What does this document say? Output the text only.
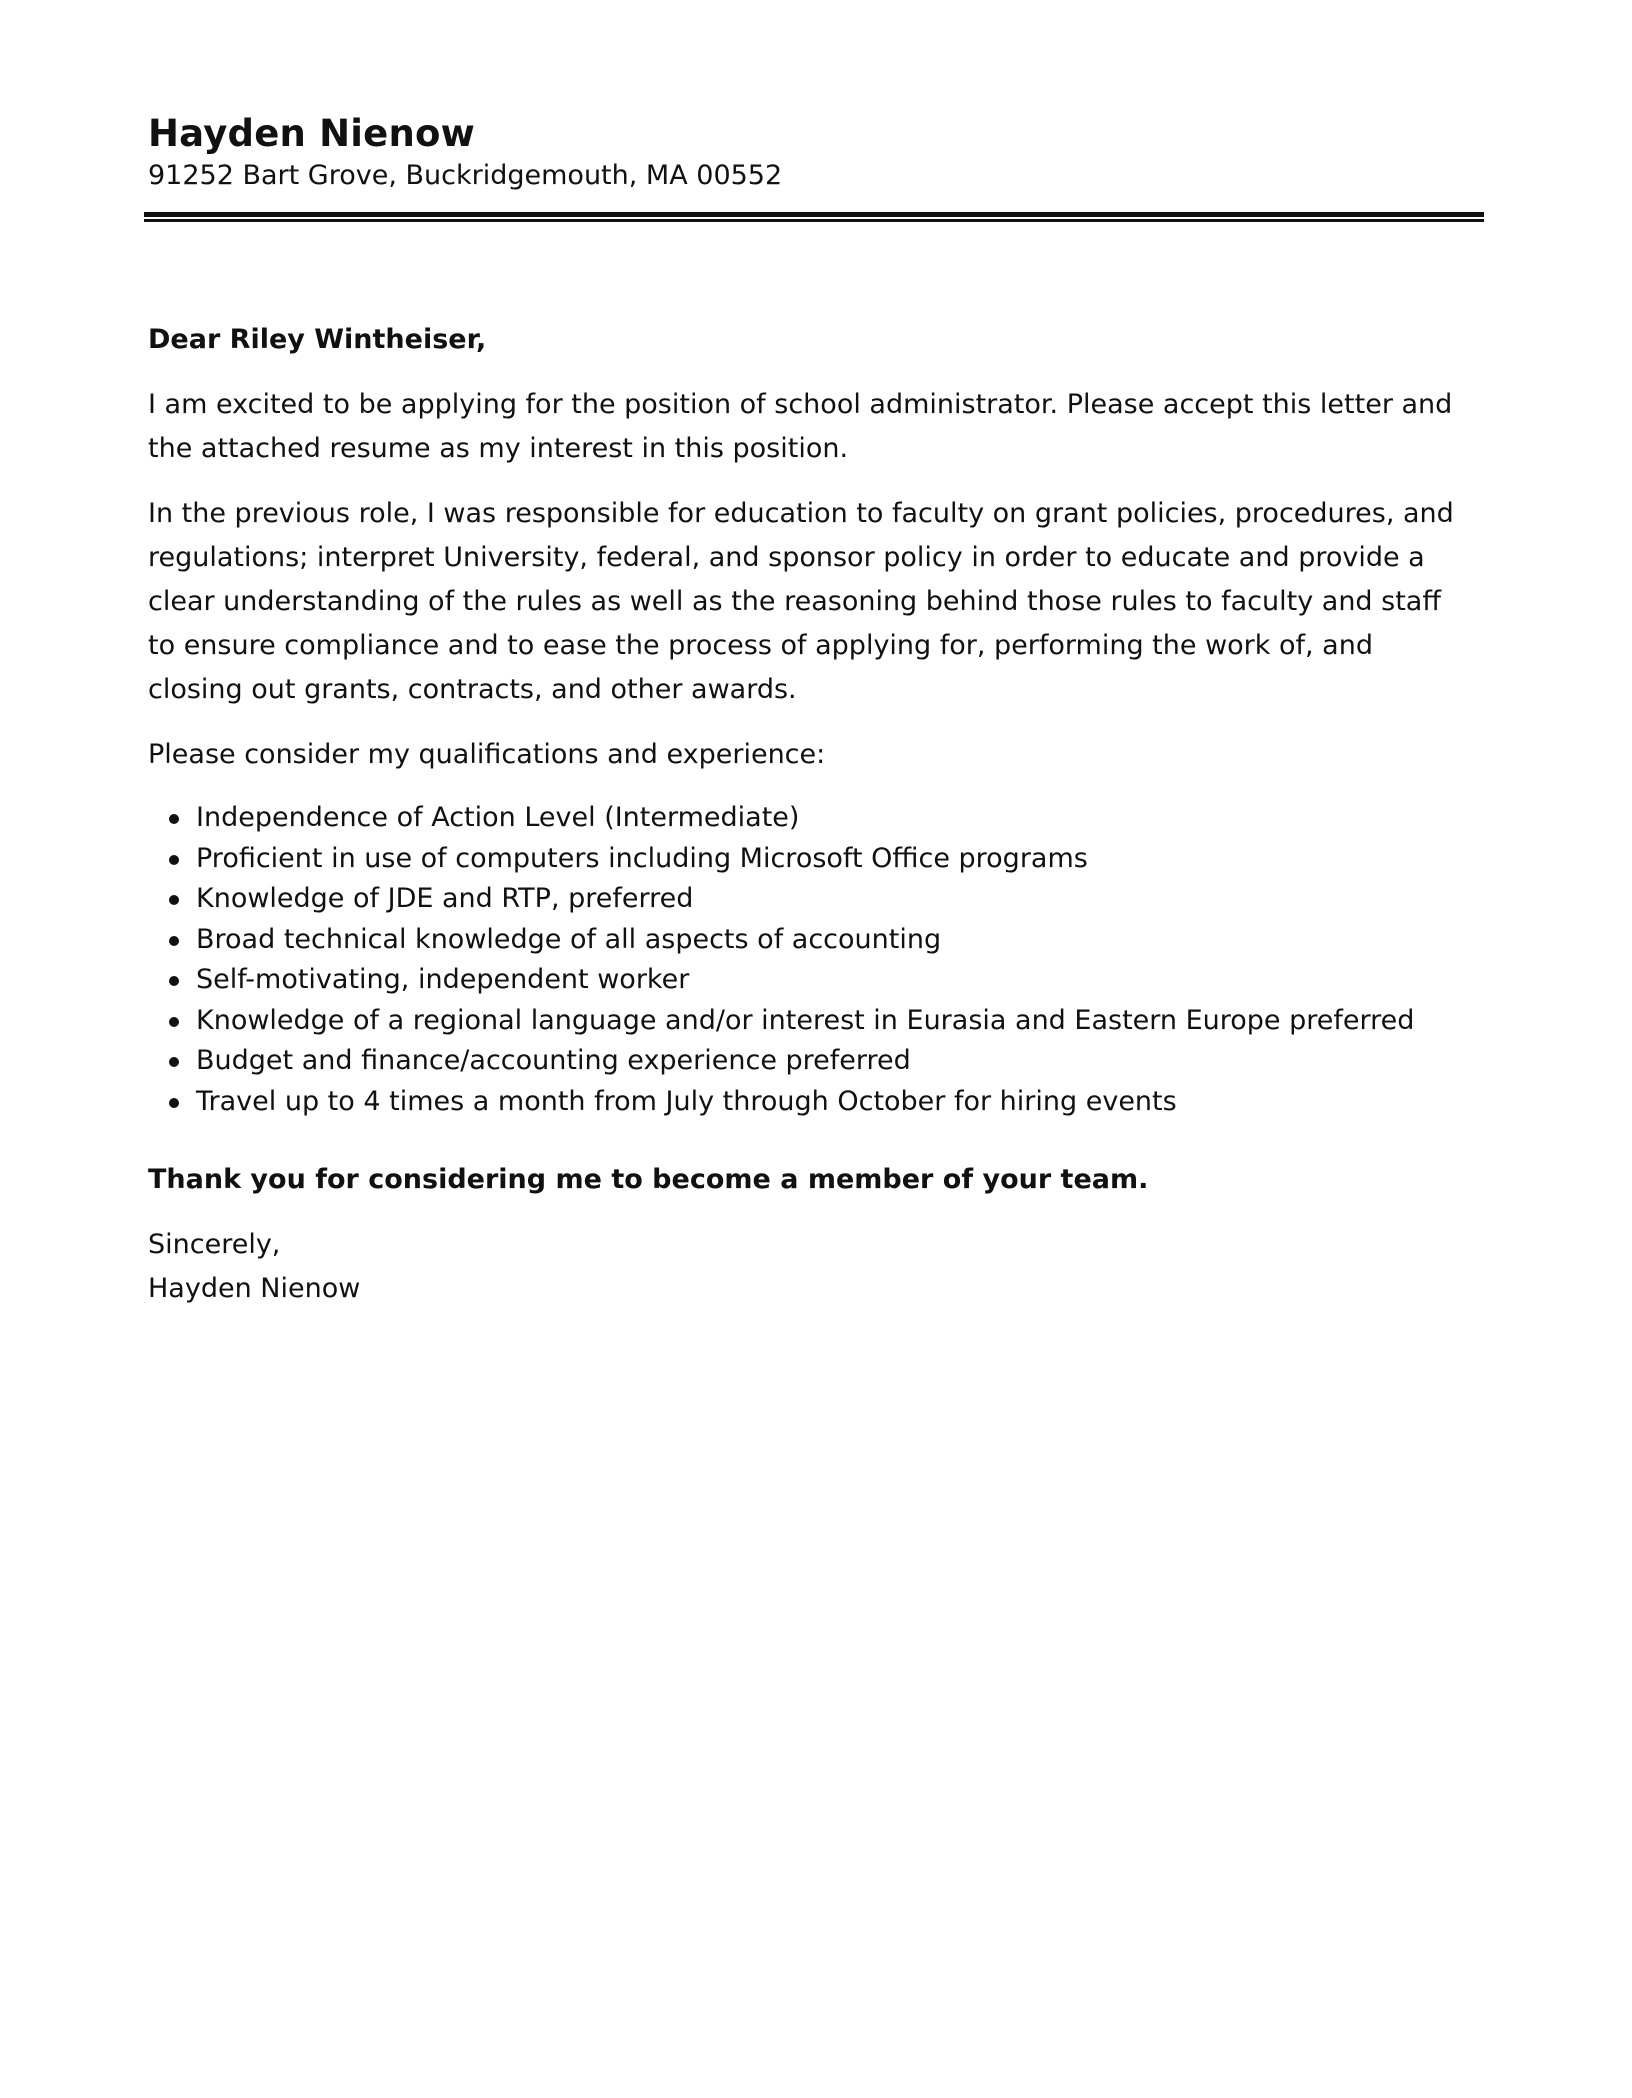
Hayden Nienow

91252 Bart Grove, Buckridgemouth, MA 00552

Dear Riley Wintheiser,

I am excited to be applying for the position of school administrator. Please accept this letter and the attached resume as my interest in this position.

In the previous role, I was responsible for education to faculty on grant policies, procedures, and regulations; interpret University, federal, and sponsor policy in order to educate and provide a clear understanding of the rules as well as the reasoning behind those rules to faculty and staff to ensure compliance and to ease the process of applying for, performing the work of, and closing out grants, contracts, and other awards.

Please consider my qualifications and experience:

Independence of Action Level (Intermediate)
Proficient in use of computers including Microsoft Office programs
Knowledge of JDE and RTP, preferred
Broad technical knowledge of all aspects of accounting
Self-motivating, independent worker
Knowledge of a regional language and/or interest in Eurasia and Eastern Europe preferred
Budget and finance/accounting experience preferred
Travel up to 4 times a month from July through October for hiring events

Thank you for considering me to become a member of your team.

Sincerely,
Hayden Nienow
